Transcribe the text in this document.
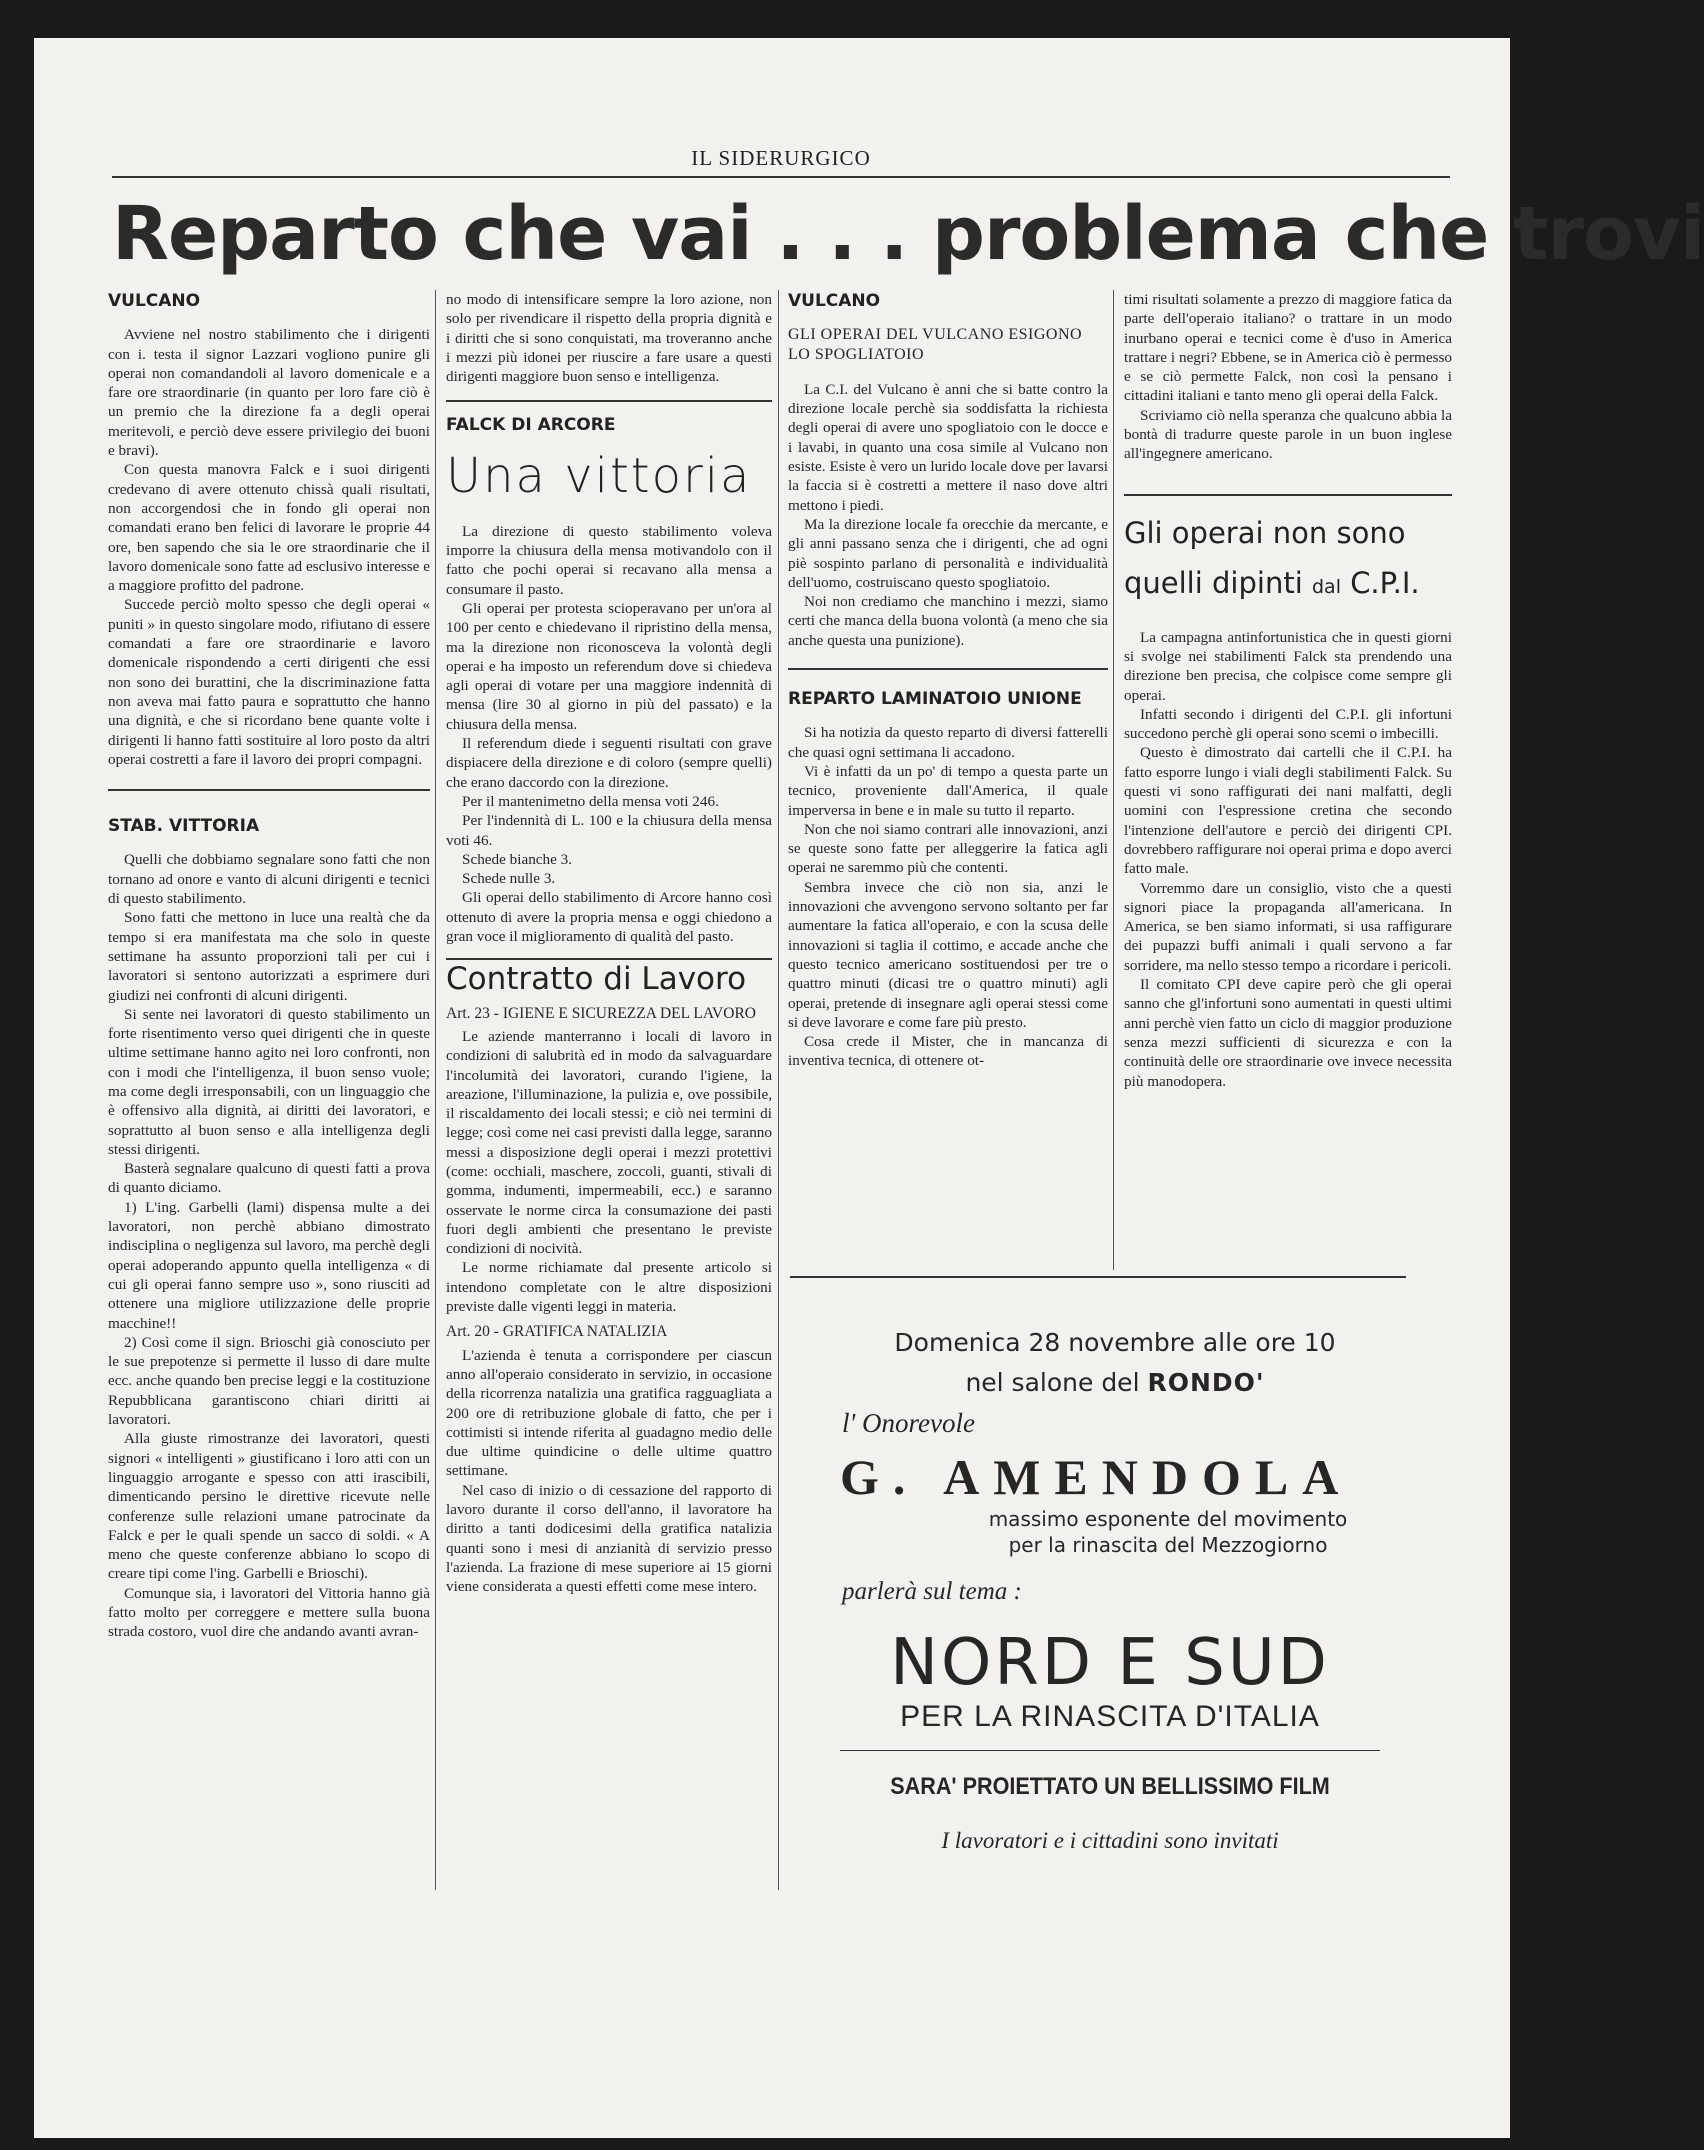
IL SIDERURGICO
Reparto che vai . . . problema che trovi
VULCANO

Avviene nel nostro stabilimento che i dirigenti con i. testa il signor Lazzari vogliono punire gli operai non comandandoli al lavoro domenicale e a fare ore straordinarie (in quanto per loro fare ciò è un premio che la direzione fa a degli operai meritevoli, e perciò deve essere privilegio dei buoni e bravi).

Con questa manovra Falck e i suoi dirigenti credevano di avere ottenuto chissà quali risultati, non accorgendosi che in fondo gli operai non comandati erano ben felici di lavorare le proprie 44 ore, ben sapendo che sia le ore straordinarie che il lavoro domenicale sono fatte ad esclusivo interesse e a maggiore profitto del padrone.

Succede perciò molto spesso che degli operai « puniti » in questo singolare modo, rifiutano di essere comandati a fare ore straordinarie e lavoro domenicale rispondendo a certi dirigenti che essi non sono dei burattini, che la discriminazione fatta non aveva mai fatto paura e soprattutto che hanno una dignità, e che si ricordano bene quante volte i dirigenti li hanno fatti sostituire al loro posto da altri operai costretti a fare il lavoro dei propri compagni.

STAB. VITTORIA

Quelli che dobbiamo segnalare sono fatti che non tornano ad onore e vanto di alcuni dirigenti e tecnici di questo stabilimento.

Sono fatti che mettono in luce una realtà che da tempo si era manifestata ma che solo in queste settimane ha assunto proporzioni tali per cui i lavoratori si sentono autorizzati a esprimere duri giudizi nei confronti di alcuni dirigenti.

Si sente nei lavoratori di questo stabilimento un forte risentimento verso quei dirigenti che in queste ultime settimane hanno agito nei loro confronti, non con i modi che l'intelligenza, il buon senso vuole; ma come degli irresponsabili, con un linguaggio che è offensivo alla dignità, ai diritti dei lavoratori, e soprattutto al buon senso e alla intelligenza degli stessi dirigenti.

Basterà segnalare qualcuno di questi fatti a prova di quanto diciamo.

1) L'ing. Garbelli (lami) dispensa multe a dei lavoratori, non perchè abbiano dimostrato indisciplina o negligenza sul lavoro, ma perchè degli operai adoperando appunto quella intelligenza « di cui gli operai fanno sempre uso », sono riusciti ad ottenere una migliore utilizzazione delle proprie macchine!!

2) Così come il sign. Brioschi già conosciuto per le sue prepotenze si permette il lusso di dare multe ecc. anche quando ben precise leggi e la costituzione Repubblicana garantiscono chiari diritti ai lavoratori.

Alla giuste rimostranze dei lavoratori, questi signori « intelligenti » giustificano i loro atti con un linguaggio arrogante e spesso con atti irascibili, dimenticando persino le direttive ricevute nelle conferenze sulle relazioni umane patrocinate da Falck e per le quali spende un sacco di soldi. « A meno che queste conferenze abbiano lo scopo di creare tipi come l'ing. Garbelli e Brioschi).

Comunque sia, i lavoratori del Vittoria hanno già fatto molto per correggere e mettere sulla buona strada costoro, vuol dire che andando avanti avran-

no modo di intensificare sempre la loro azione, non solo per rivendicare il rispetto della propria dignità e i diritti che si sono conquistati, ma troveranno anche i mezzi più idonei per riuscire a fare usare a questi dirigenti maggiore buon senso e intelligenza.

FALCK DI ARCORE
Una vittoria

La direzione di questo stabilimento voleva imporre la chiusura della mensa motivandolo con il fatto che pochi operai si recavano alla mensa a consumare il pasto.

Gli operai per protesta scioperavano per un'ora al 100 per cento e chiedevano il ripristino della mensa, ma la direzione non riconosceva la volontà degli operai e ha imposto un referendum dove si chiedeva agli operai di votare per una maggiore indennità di mensa (lire 30 al giorno in più del passato) e la chiusura della mensa.

Il referendum diede i seguenti risultati con grave dispiacere della direzione e di coloro (sempre quelli) che erano daccordo con la direzione.

Per il mantenimetno della mensa voti 246.

Per l'indennità di L. 100 e la chiusura della mensa voti 46.

Schede bianche 3.

Schede nulle 3.

Gli operai dello stabilimento di Arcore hanno così ottenuto di avere la propria mensa e oggi chiedono a gran voce il miglioramento di qualità del pasto.

Contratto di Lavoro
Art. 23 - IGIENE E SICUREZZA DEL LAVORO

Le aziende manterranno i locali di lavoro in condizioni di salubrità ed in modo da salvaguardare l'incolumità dei lavoratori, curando l'igiene, la areazione, l'illuminazione, la pulizia e, ove possibile, il riscaldamento dei locali stessi; e ciò nei termini di legge; così come nei casi previsti dalla legge, saranno messi a disposizione degli operai i mezzi protettivi (come: occhiali, maschere, zoccoli, guanti, stivali di gomma, indumenti, impermeabili, ecc.) e saranno osservate le norme circa la consumazione dei pasti fuori degli ambienti che presentano le previste condizioni di nocività.

Le norme richiamate dal presente articolo si intendono completate con le altre disposizioni previste dalle vigenti leggi in materia.

Art. 20 - GRATIFICA NATALIZIA

L'azienda è tenuta a corrispondere per ciascun anno all'operaio considerato in servizio, in occasione della ricorrenza natalizia una gratifica ragguagliata a 200 ore di retribuzione globale di fatto, che per i cottimisti si intende riferita al guadagno medio delle due ultime quindicine o delle ultime quattro settimane.

Nel caso di inizio o di cessazione del rapporto di lavoro durante il corso dell'anno, il lavoratore ha diritto a tanti dodicesimi della gratifica natalizia quanti sono i mesi di anzianità di servizio presso l'azienda. La frazione di mese superiore ai 15 giorni viene considerata a questi effetti come mese intero.

VULCANO
GLI OPERAI DEL VULCANO ESIGONO LO SPOGLIATOIO

La C.I. del Vulcano è anni che si batte contro la direzione locale perchè sia soddisfatta la richiesta degli operai di avere uno spogliatoio con le docce e i lavabi, in quanto una cosa simile al Vulcano non esiste. Esiste è vero un lurido locale dove per lavarsi la faccia si è costretti a mettere il naso dove altri mettono i piedi.

Ma la direzione locale fa orecchie da mercante, e gli anni passano senza che i dirigenti, che ad ogni piè sospinto parlano di personalità e individualità dell'uomo, costruiscano questo spogliatoio.

Noi non crediamo che manchino i mezzi, siamo certi che manca della buona volontà (a meno che sia anche questa una punizione).

REPARTO LAMINATOIO UNIONE

Si ha notizia da questo reparto di diversi fatterelli che quasi ogni settimana li accadono.

Vi è infatti da un po' di tempo a questa parte un tecnico, proveniente dall'America, il quale imperversa in bene e in male su tutto il reparto.

Non che noi siamo contrari alle innovazioni, anzi se queste sono fatte per alleggerire la fatica agli operai ne saremmo più che contenti.

Sembra invece che ciò non sia, anzi le innovazioni che avvengono servono soltanto per far aumentare la fatica all'operaio, e con la scusa delle innovazioni si taglia il cottimo, e accade anche che questo tecnico americano sostituendosi per tre o quattro minuti (dicasi tre o quattro minuti) agli operai, pretende di insegnare agli operai stessi come si deve lavorare e come fare più presto.

Cosa crede il Mister, che in mancanza di inventiva tecnica, di ottenere ot-

timi risultati solamente a prezzo di maggiore fatica da parte dell'operaio italiano? o trattare in un modo inurbano operai e tecnici come è d'uso in America trattare i negri? Ebbene, se in America ciò è permesso e se ciò permette Falck, non così la pensano i cittadini italiani e tanto meno gli operai della Falck.

Scriviamo ciò nella speranza che qualcuno abbia la bontà di tradurre queste parole in un buon inglese all'ingegnere americano.

Gli operai non sono
quelli dipinti dal C.P.I.

La campagna antinfortunistica che in questi giorni si svolge nei stabilimenti Falck sta prendendo una direzione ben precisa, che colpisce come sempre gli operai.

Infatti secondo i dirigenti del C.P.I. gli infortuni succedono perchè gli operai sono scemi o imbecilli.

Questo è dimostrato dai cartelli che il C.P.I. ha fatto esporre lungo i viali degli stabilimenti Falck. Su questi vi sono raffigurati dei nani malfatti, degli uomini con l'espressione cretina che secondo l'intenzione dell'autore e perciò dei dirigenti CPI. dovrebbero raffigurare noi operai prima e dopo averci fatto male.

Vorremmo dare un consiglio, visto che a questi signori piace la propaganda all'americana. In America, se ben siamo informati, si usa raffigurare dei pupazzi buffi animali i quali servono a far sorridere, ma nello stesso tempo a ricordare i pericoli.

Il comitato CPI deve capire però che gli operai sanno che gl'infortuni sono aumentati in questi ultimi anni perchè vien fatto un ciclo di maggior produzione senza mezzi sufficienti di sicurezza e con la continuità delle ore straordinarie ove invece necessita più manodopera.

Domenica 28 novembre alle ore 10
nel salone del RONDO'
l' Onorevole
G. AMENDOLA
massimo esponente del movimento
per la rinascita del Mezzogiorno
parlerà sul tema :
NORD E SUD
PER LA RINASCITA D'ITALIA
SARA' PROIETTATO UN BELLISSIMO FILM
I lavoratori e i cittadini sono invitati
